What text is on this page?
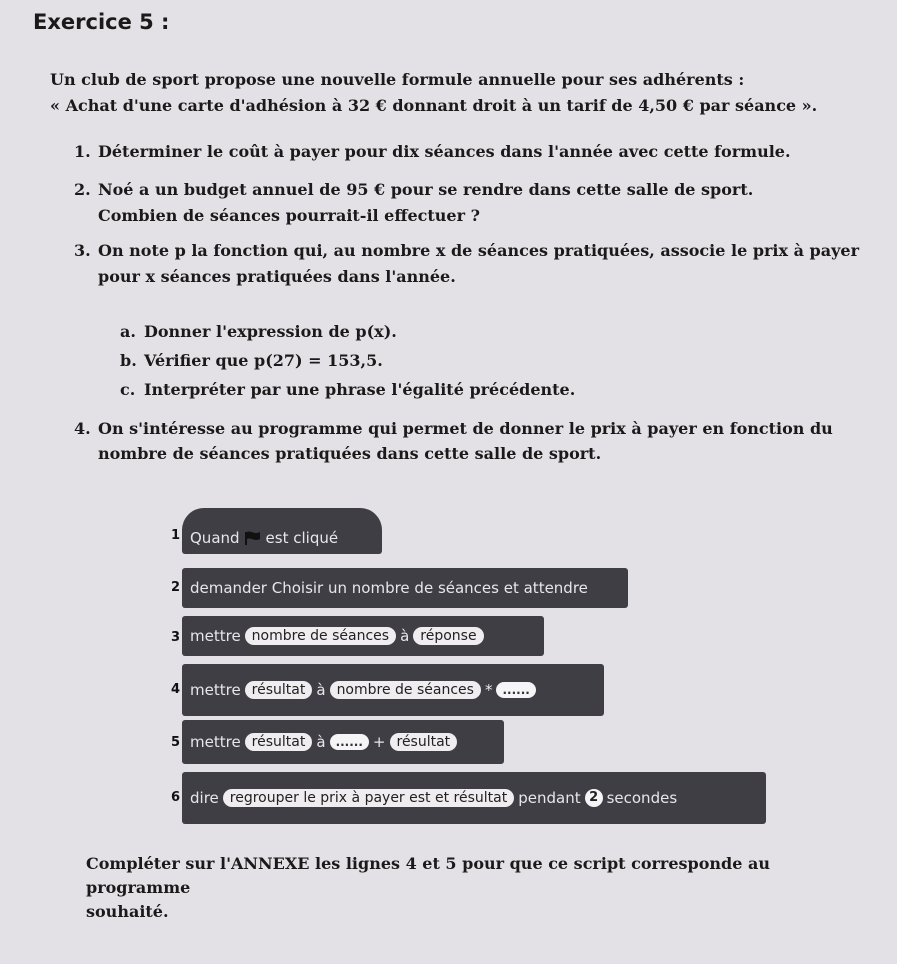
Exercice 5 :
Un club de sport propose une nouvelle formule annuelle pour ses adhérents :
« Achat d'une carte d'adhésion à 32 € donnant droit à un tarif de 4,50 € par séance ».
1. Déterminer le coût à payer pour dix séances dans l'année avec cette formule.
2. Noé a un budget annuel de 95 € pour se rendre dans cette salle de sport.
Combien de séances pourrait-il effectuer ?
3. On note p la fonction qui, au nombre x de séances pratiquées, associe le prix à payer
pour x séances pratiquées dans l'année.
a. Donner l'expression de p(x).
b. Vérifier que p(27) = 153,5.
c. Interpréter par une phrase l'égalité précédente.
4. On s'intéresse au programme qui permet de donner le prix à payer en fonction du
nombre de séances pratiquées dans cette salle de sport.
1 Quand est cliqué
2 demander Choisir un nombre de séances et attendre
3 mettre nombre de séances à réponse
4 mettre résultat à nombre de séances * ......
5 mettre résultat à ...... + résultat
6 dire regrouper le prix à payer est et résultat pendant 2 secondes
Compléter sur l'ANNEXE les lignes 4 et 5 pour que ce script corresponde au programme
souhaité.
